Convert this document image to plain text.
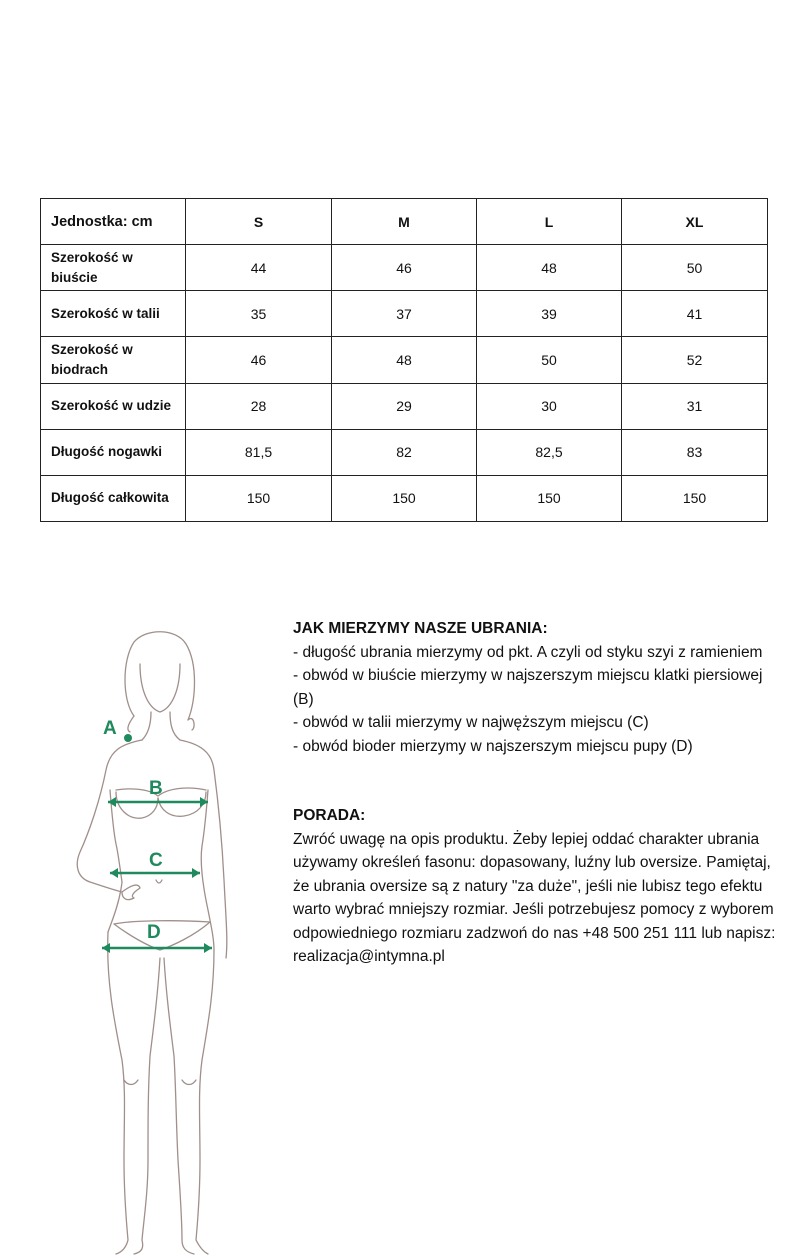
Jednostka: cm	S	M	L	XL
Szerokość w biuście	44	46	48	50
Szerokość w talii	35	37	39	41
Szerokość w biodrach	46	48	50	52
Szerokość w udzie	28	29	30	31
Długość nogawki	81,5	82	82,5	83
Długość całkowita	150	150	150	150
A
B
C
D
JAK MIERZYMY NASZE UBRANIA:
- długość ubrania mierzymy od pkt. A czyli od styku szyi z ramieniem
- obwód w biuście mierzymy w najszerszym miejscu klatki piersiowej (B)
- obwód w talii mierzymy w najwęższym miejscu (C)
- obwód bioder mierzymy w najszerszym miejscu pupy (D)
PORADA:

Zwróć uwagę na opis produktu. Żeby lepiej oddać charakter ubrania używamy określeń fasonu: dopasowany, luźny lub oversize. Pamiętaj, że ubrania oversize są z natury "za duże", jeśli nie lubisz tego efektu warto wybrać mniejszy rozmiar. Jeśli potrzebujesz pomocy z wyborem odpowiedniego rozmiaru zadzwoń do nas +48 500 251 111 lub napisz: realizacja@intymna.pl
